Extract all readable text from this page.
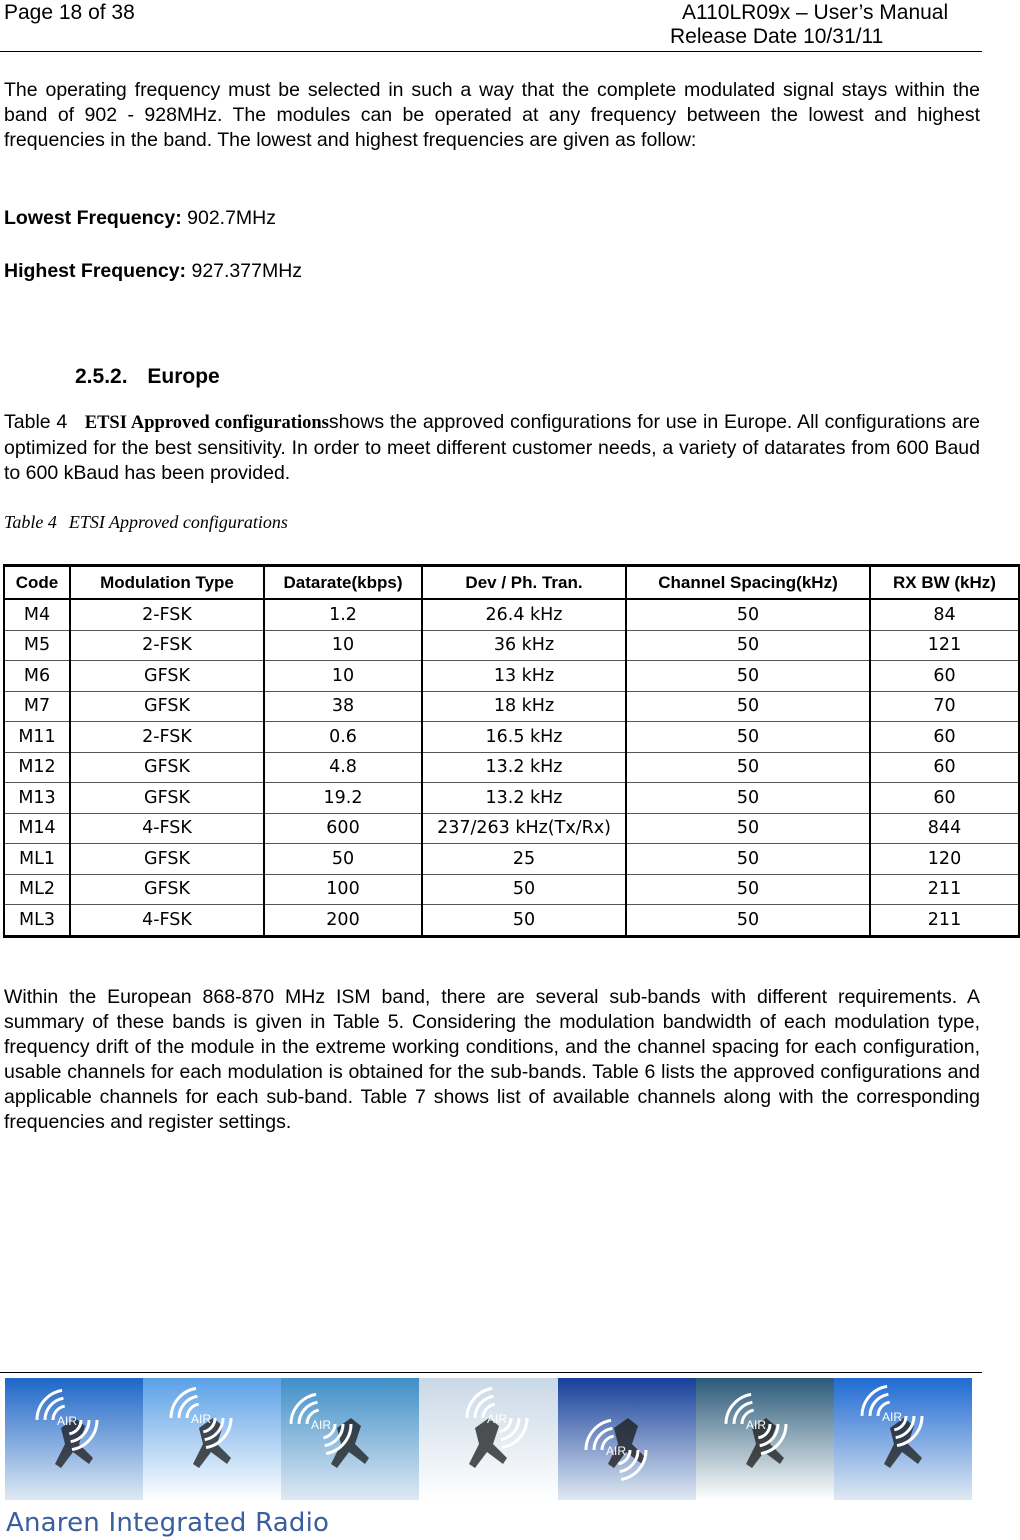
Page 18 of 38	A110LR09x – User’s Manual
Release Date 10/31/11

The operating frequency must be selected in such a way that the complete modulated signal stays within the band of 902 - 928MHz. The modules can be operated at any frequency between the lowest and highest frequencies in the band. The lowest and highest frequencies are given as follow:

Lowest Frequency: 902.7MHz
Highest Frequency: 927.377MHz
2.5.2. Europe

Table 4 ETSI Approved configurationsshows the approved configurations for use in Europe. All configurations are optimized for the best sensitivity. In order to meet different customer needs, a variety of datarates from 600 Baud to 600 kBaud has been provided.

Table 4 ETSI Approved configurations
Code	Modulation Type	Datarate(kbps)	Dev / Ph. Tran.	Channel Spacing(kHz)	RX BW (kHz)
M4	2-FSK	1.2	26.4 kHz	50	84
M5	2-FSK	10	36 kHz	50	121
M6	GFSK	10	13 kHz	50	60
M7	GFSK	38	18 kHz	50	70
M11	2-FSK	0.6	16.5 kHz	50	60
M12	GFSK	4.8	13.2 kHz	50	60
M13	GFSK	19.2	13.2 kHz	50	60
M14	4-FSK	600	237/263 kHz(Tx/Rx)	50	844
ML1	GFSK	50	25	50	120
ML2	GFSK	100	50	50	211
ML3	4-FSK	200	50	50	211

Within the European 868-870 MHz ISM band, there are several sub-bands with different requirements. A summary of these bands is given in Table 5. Considering the modulation bandwidth of each modulation type, frequency drift of the module in the extreme working conditions, and the channel spacing for each configuration, usable channels for each modulation is obtained for the sub-bands. Table 6 lists the approved configurations and applicable channels for each sub-band. Table 7 shows list of available channels along with the corresponding frequencies and register settings.

AIR	AIR	AIR	AIR
AIR
AIR
AIR
Anaren Integrated Radio
